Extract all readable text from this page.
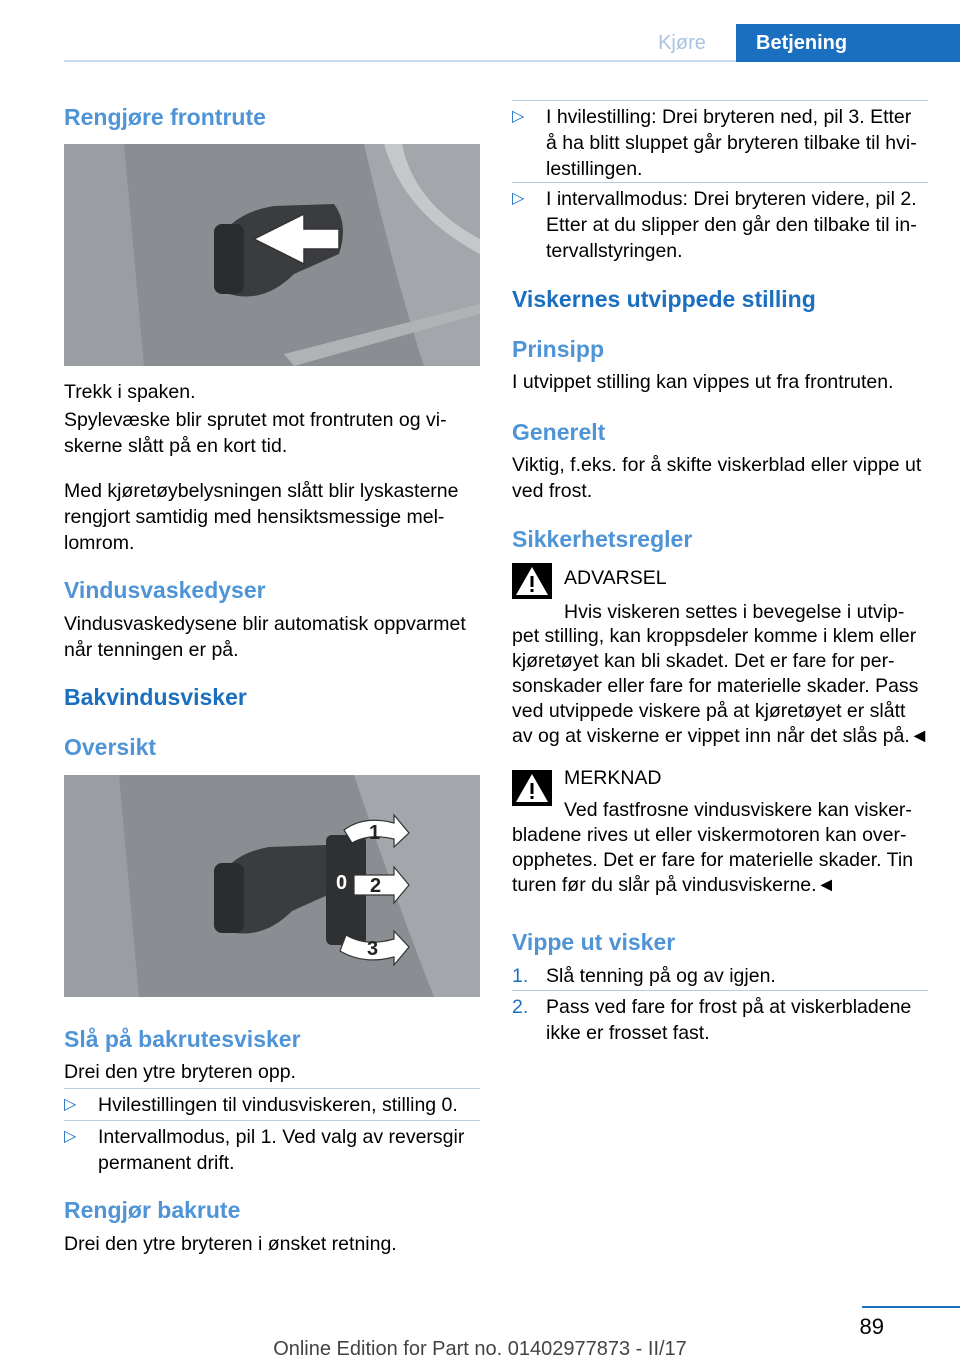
Kjøre	Betjening
Rengjøre frontrute

Trekk i spaken.

Spylevæske blir sprutet mot frontruten og vi-

skerne slått på en kort tid.

Med kjøretøybelysningen slått blir lyskasterne

rengjort samtidig med hensiktsmessige mel-

lomrom.

Vindusvaskedyser

Vindusvaskedysene blir automatisk oppvarmet

når tenningen er på.

Bakvindusvisker
Oversikt
0
1
2
3
Slå på bakrutesvisker

Drei den ytre bryteren opp.

▷ Hvilestillingen til vindusviskeren, stilling 0.
▷ Intervallmodus, pil 1. Ved valg av reversgir
permanent drift.
Rengjør bakrute

Drei den ytre bryteren i ønsket retning.

▷ I hvilestilling: Drei bryteren ned, pil 3. Etter
å ha blitt sluppet går bryteren tilbake til hvi-
lestillingen.
▷ I intervallmodus: Drei bryteren videre, pil 2.
Etter at du slipper den går den tilbake til in-
tervallstyringen.
Viskernes utvippede stilling
Prinsipp

I utvippet stilling kan vippes ut fra frontruten.

Generelt

Viktig, f.eks. for å skifte viskerblad eller vippe ut

ved frost.

Sikkerhetsregler

ADVARSEL

Hvis viskeren settes i bevegelse i utvip-

pet stilling, kan kroppsdeler komme i klem eller

kjøretøyet kan bli skadet. Det er fare for per-

sonskader eller fare for materielle skader. Pass

ved utvippede viskere på at kjøretøyet er slått

av og at viskerne er vippet inn når det slås på.◄

MERKNAD

Ved fastfrosne vindusviskere kan visker-

bladene rives ut eller viskermotoren kan over-

opphetes. Det er fare for materielle skader. Tin

turen før du slår på vindusviskerne.◄

Vippe ut visker
1. Slå tenning på og av igjen.
2. Pass ved fare for frost på at viskerbladene
ikke er frosset fast.
89
Online Edition for Part no. 01402977873 - II/17
